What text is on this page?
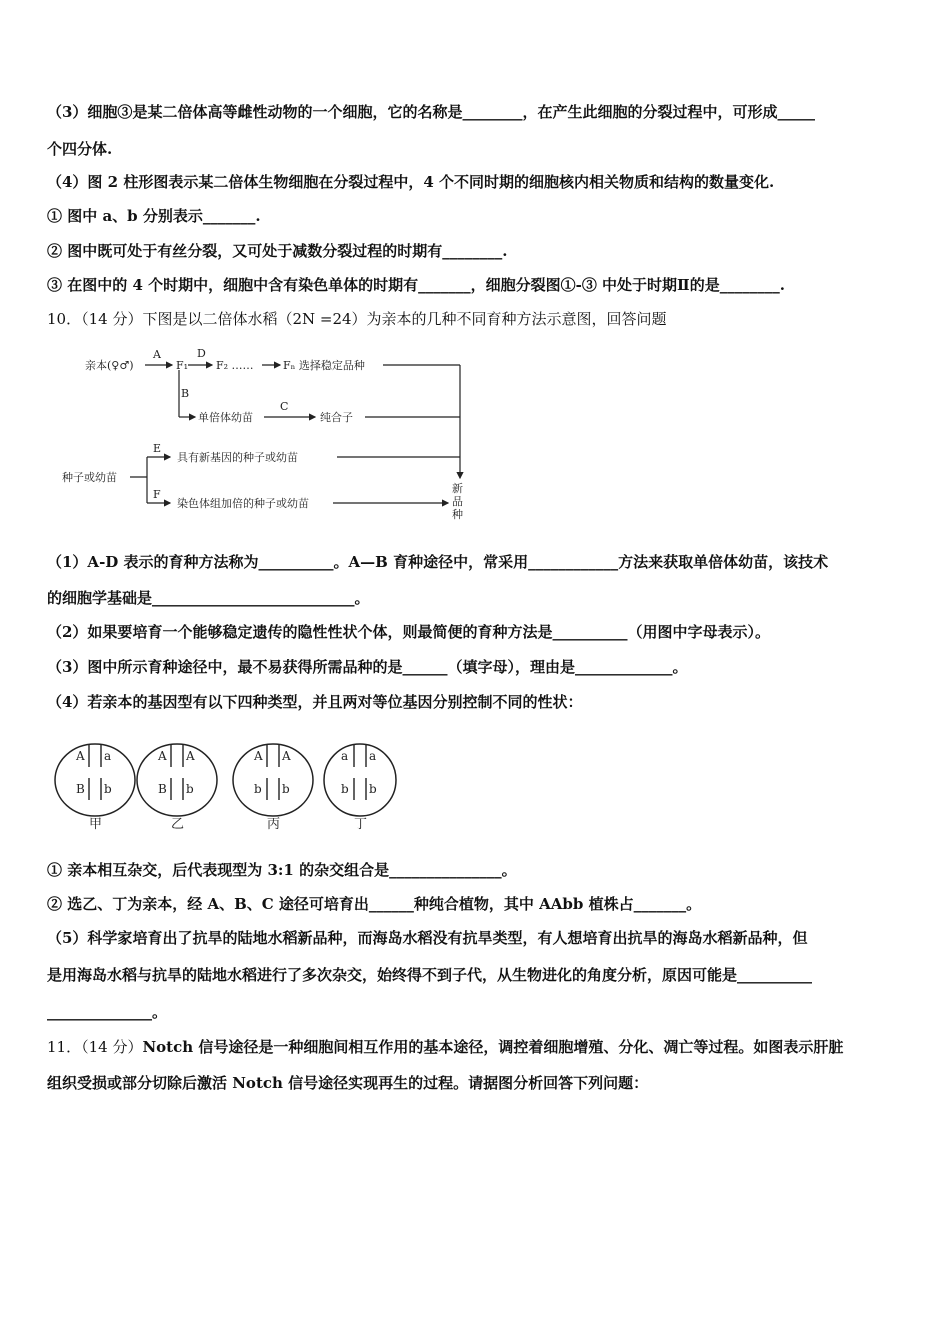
（3）细胞③是某二倍体高等雌性动物的一个细胞，它的名称是________，在产生此细胞的分裂过程中，可形成_____
个四分体.
（4）图 2 柱形图表示某二倍体生物细胞在分裂过程中，4 个不同时期的细胞核内相关物质和结构的数量变化.
① 图中 a、b 分别表示_______.
② 图中既可处于有丝分裂，又可处于减数分裂过程的时期有________.
③ 在图中的 4 个时期中，细胞中含有染色单体的时期有_______，细胞分裂图①-③ 中处于时期Ⅱ的是________.
10．（14 分）下图是以二倍体水稻（2N =24）为亲本的几种不同育种方法示意图，回答问题
亲本(♀♂)
A
F₁
D
F₂ ……	Fₙ 选择稳定品种
B
单倍体幼苗
C
纯合子
种子或幼苗
E
具有新基因的种子或幼苗
F
染色体组加倍的种子或幼苗
新
品
种
（1）A-D 表示的育种方法称为__________。A—B 育种途径中，常采用____________方法来获取单倍体幼苗，该技术
的细胞学基础是___________________________。
（2）如果要培育一个能够稳定遗传的隐性性状个体，则最简便的育种方法是__________（用图中字母表示）。
（3）图中所示育种途径中，最不易获得所需品种的是______（填字母），理由是_____________。
（4）若亲本的基因型有以下四种类型，并且两对等位基因分别控制不同的性状：
A a
B b
甲
A A
B b
乙
A A
b b
丙
a a
b b
丁
① 亲本相互杂交，后代表现型为 3:1 的杂交组合是_______________。
② 选乙、丁为亲本，经 A、B、C 途径可培育出______种纯合植物，其中 AAbb 植株占_______。
（5）科学家培育出了抗旱的陆地水稻新品种，而海岛水稻没有抗旱类型，有人想培育出抗旱的海岛水稻新品种，但
是用海岛水稻与抗旱的陆地水稻进行了多次杂交，始终得不到子代，从生物进化的角度分析，原因可能是__________
______________。
11．（14 分）Notch 信号途径是一种细胞间相互作用的基本途径，调控着细胞增殖、分化、凋亡等过程。如图表示肝脏
组织受损或部分切除后激活 Notch 信号途径实现再生的过程。请据图分析回答下列问题：
